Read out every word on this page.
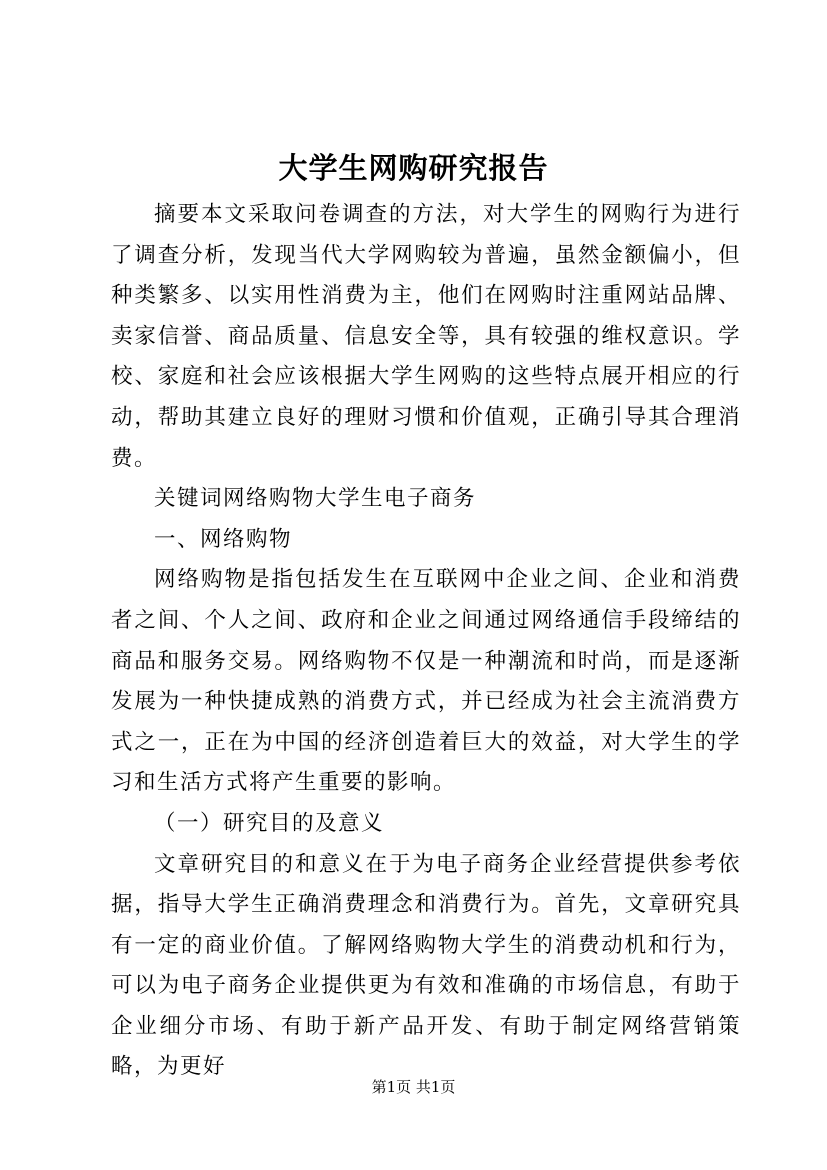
大学生网购研究报告

摘要本文采取问卷调查的方法，对大学生的网购行为进行了调查分析，发现当代大学网购较为普遍，虽然金额偏小，但种类繁多、以实用性消费为主，他们在网购时注重网站品牌、卖家信誉、商品质量、信息安全等，具有较强的维权意识。学校、家庭和社会应该根据大学生网购的这些特点展开相应的行动，帮助其建立良好的理财习惯和价值观，正确引导其合理消费。

关键词网络购物大学生电子商务

一、网络购物

网络购物是指包括发生在互联网中企业之间、企业和消费者之间、个人之间、政府和企业之间通过网络通信手段缔结的商品和服务交易。网络购物不仅是一种潮流和时尚，而是逐渐发展为一种快捷成熟的消费方式，并已经成为社会主流消费方式之一，正在为中国的经济创造着巨大的效益，对大学生的学习和生活方式将产生重要的影响。

（一）研究目的及意义

文章研究目的和意义在于为电子商务企业经营提供参考依据，指导大学生正确消费理念和消费行为。首先，文章研究具有一定的商业价值。了解网络购物大学生的消费动机和行为，可以为电子商务企业提供更为有效和准确的市场信息，有助于企业细分市场、有助于新产品开发、有助于制定网络营销策略，为更好

第1页 共1页
